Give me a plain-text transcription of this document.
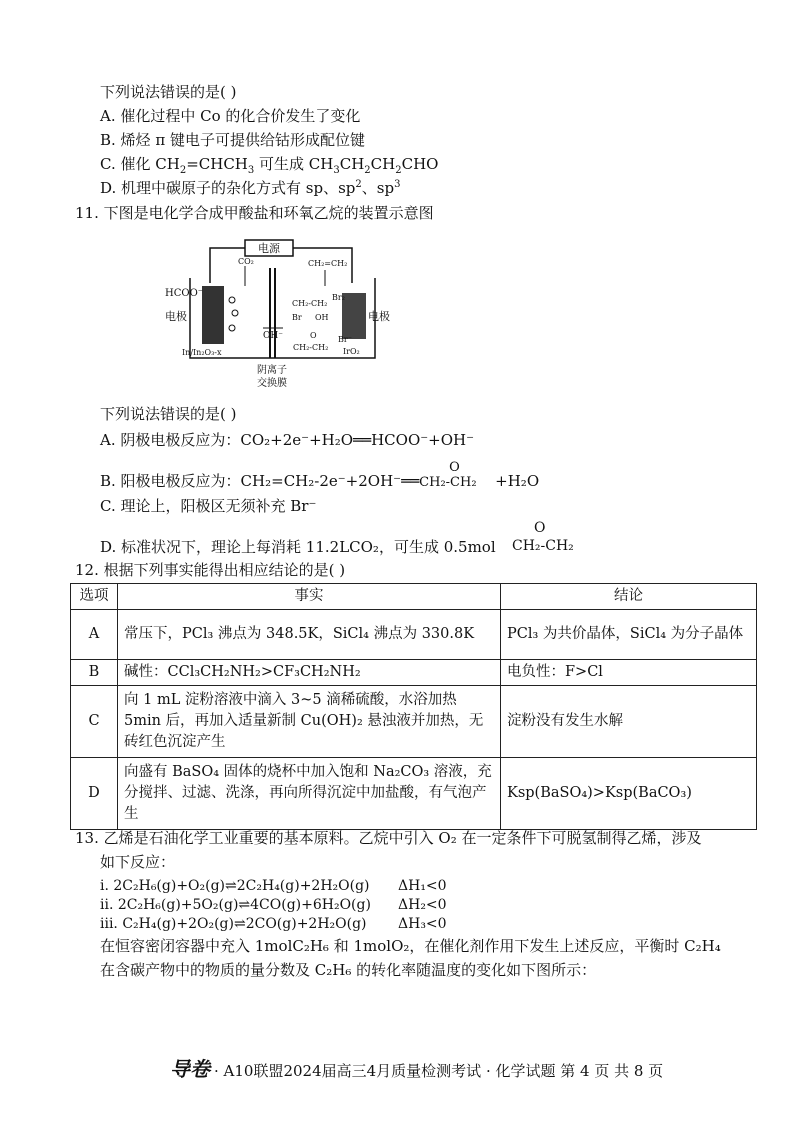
下列说法错误的是( )
A. 催化过程中 Co 的化合价发生了变化
B. 烯烃 π 键电子可提供给钴形成配位键
C. 催化 $CH_2=CHCH_3$ 可生成 $CH_3CH_2CH_2CHO$
D. 机理中碳原子的杂化方式有 sp、$sp^2$、$sp^3$
11. 下图是电化学合成甲酸盐和环氧乙烷的装置示意图
电源
CO₂	CH₂=CH₂
HCOO⁻
电极	电极
OH⁻
Br₂
CH₂-CH₂
Br OH
O
CH₂-CH₂
Br⁻
In/In₂O₃-x	IrO₂
阴离子
交换膜
下列说法错误的是( )
A. 阴极电极反应为：CO₂+2e⁻+H₂O══HCOO⁻+OH⁻
B. 阳极电极反应为：CH₂=CH₂-2e⁻+2OH⁻══
O
CH₂-CH₂ +H₂O
C. 理论上，阳极区无须补充 Br⁻
D. 标准状况下，理论上每消耗 11.2LCO₂，可生成 0.5mol
O
CH₂-CH₂
12. 根据下列事实能得出相应结论的是( )
选项	事实	结论
A	常压下，PCl₃ 沸点为 348.5K，SiCl₄ 沸点为 330.8K	PCl₃ 为共价晶体，SiCl₄ 为分子晶体
B	碱性：CCl₃CH₂NH₂>CF₃CH₂NH₂	电负性：F>Cl
C	向 1 mL 淀粉溶液中滴入 3~5 滴稀硫酸，水浴加热 5min 后，再加入适量新制 Cu(OH)₂ 悬浊液并加热，无砖红色沉淀产生	淀粉没有发生水解
D	向盛有 BaSO₄ 固体的烧杯中加入饱和 Na₂CO₃ 溶液，充分搅拌、过滤、洗涤，再向所得沉淀中加盐酸，有气泡产生	Ksp(BaSO₄)>Ksp(BaCO₃)
13. 乙烯是石油化学工业重要的基本原料。乙烷中引入 O₂ 在一定条件下可脱氢制得乙烯，涉及
如下反应：
i. 2C₂H₆(g)+O₂(g)⇌2C₂H₄(g)+2H₂O(g) ΔH₁<0
ii. 2C₂H₆(g)+5O₂(g)⇌4CO(g)+6H₂O(g) ΔH₂<0
iii. C₂H₄(g)+2O₂(g)⇌2CO(g)+2H₂O(g) ΔH₃<0
在恒容密闭容器中充入 1molC₂H₆ 和 1molO₂，在催化剂作用下发生上述反应，平衡时 C₂H₄
在含碳产物中的物质的量分数及 C₂H₆ 的转化率随温度的变化如下图所示：
导卷 · A10联盟2024届高三4月质量检测考试 · 化学试题 第 4 页 共 8 页
